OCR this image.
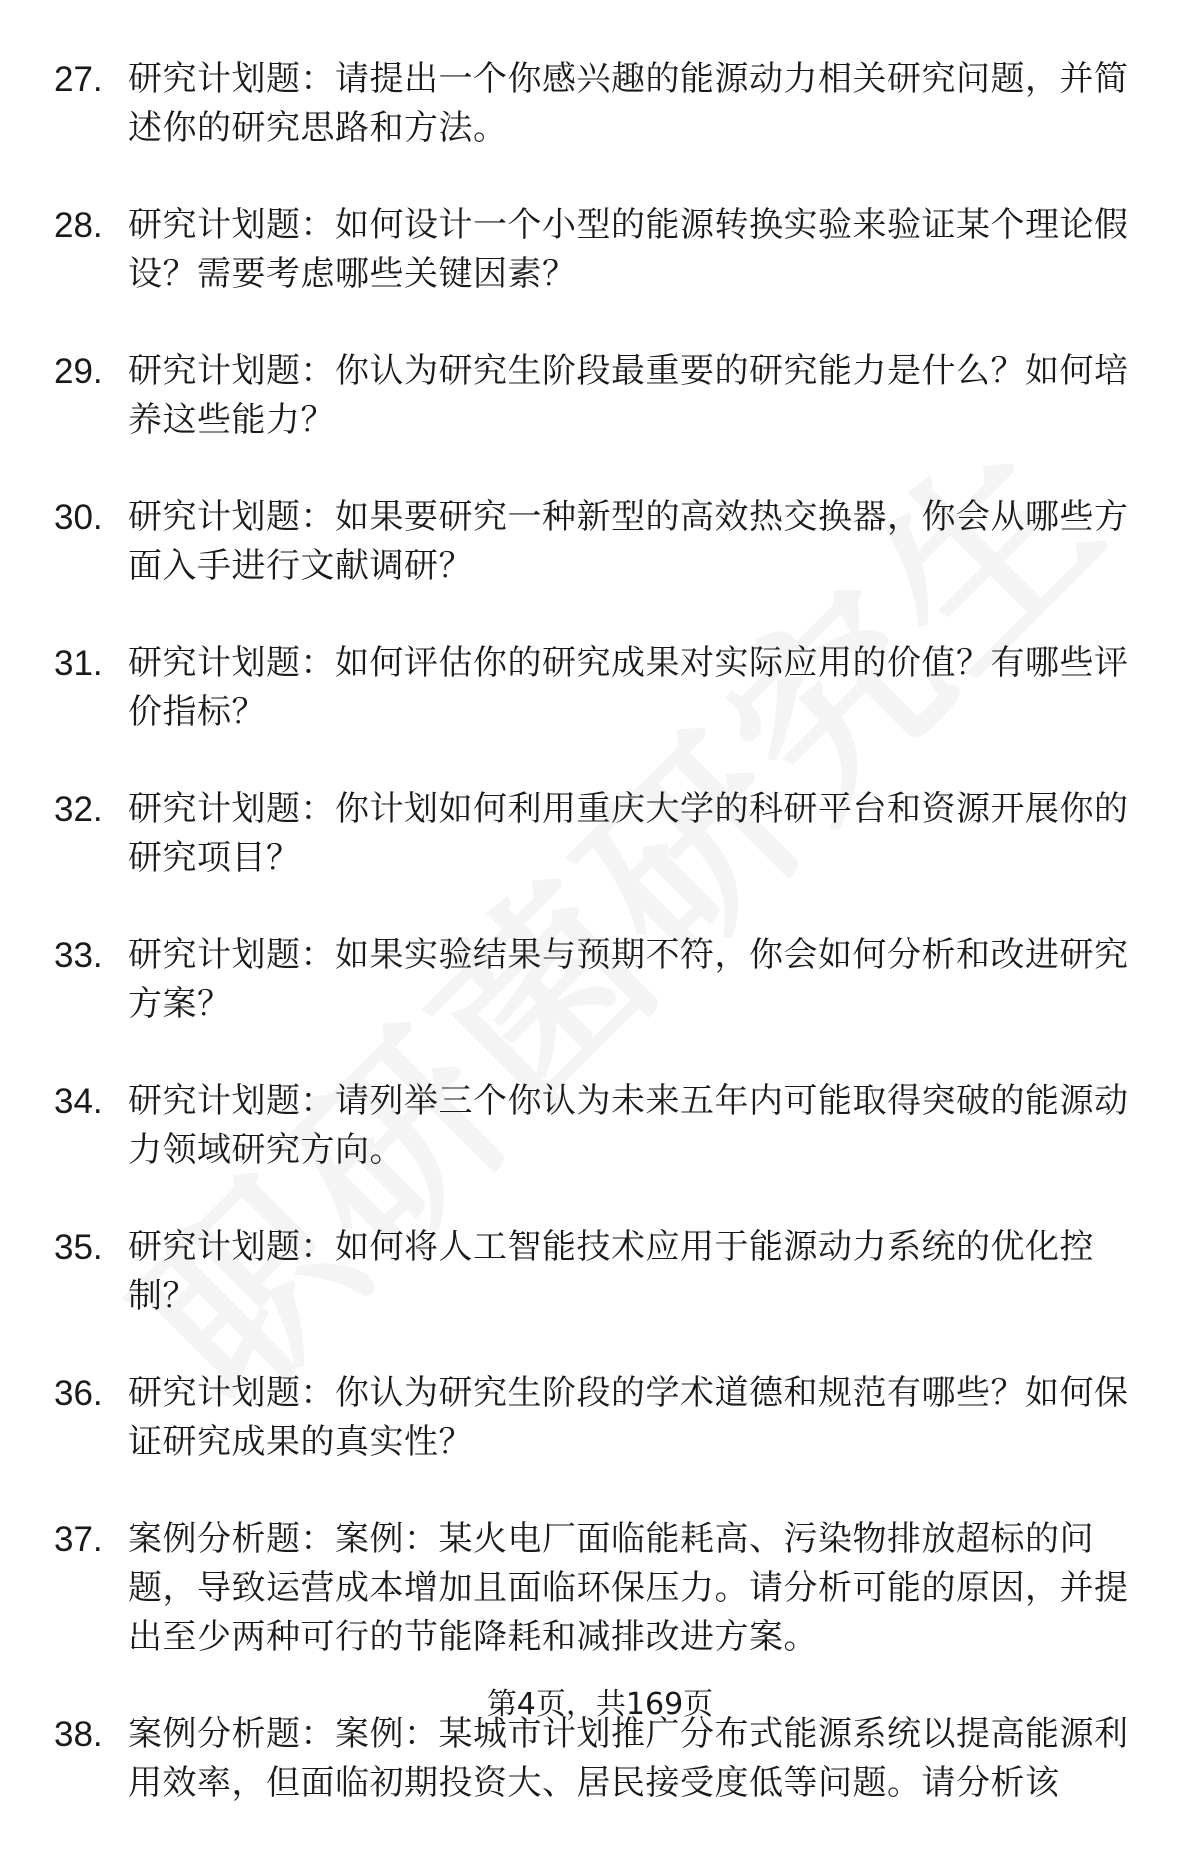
27. 研究计划题：请提出一个你感兴趣的能源动力相关研究问题，并简述你的研究思路和方法。
28. 研究计划题：如何设计一个小型的能源转换实验来验证某个理论假设？需要考虑哪些关键因素？
29. 研究计划题：你认为研究生阶段最重要的研究能力是什么？如何培养这些能力？
30. 研究计划题：如果要研究一种新型的高效热交换器，你会从哪些方面入手进行文献调研？
31. 研究计划题：如何评估你的研究成果对实际应用的价值？有哪些评价指标？
32. 研究计划题：你计划如何利用重庆大学的科研平台和资源开展你的研究项目？
33. 研究计划题：如果实验结果与预期不符，你会如何分析和改进研究方案？
34. 研究计划题：请列举三个你认为未来五年内可能取得突破的能源动力领域研究方向。
35. 研究计划题：如何将人工智能技术应用于能源动力系统的优化控制？
36. 研究计划题：你认为研究生阶段的学术道德和规范有哪些？如何保证研究成果的真实性？
37. 案例分析题：案例：某火电厂面临能耗高、污染物排放超标的问题，导致运营成本增加且面临环保压力。请分析可能的原因，并提出至少两种可行的节能降耗和减排改进方案。
38. 案例分析题：案例：某城市计划推广分布式能源系统以提高能源利用效率，但面临初期投资大、居民接受度低等问题。请分析该
第4页，共169页
